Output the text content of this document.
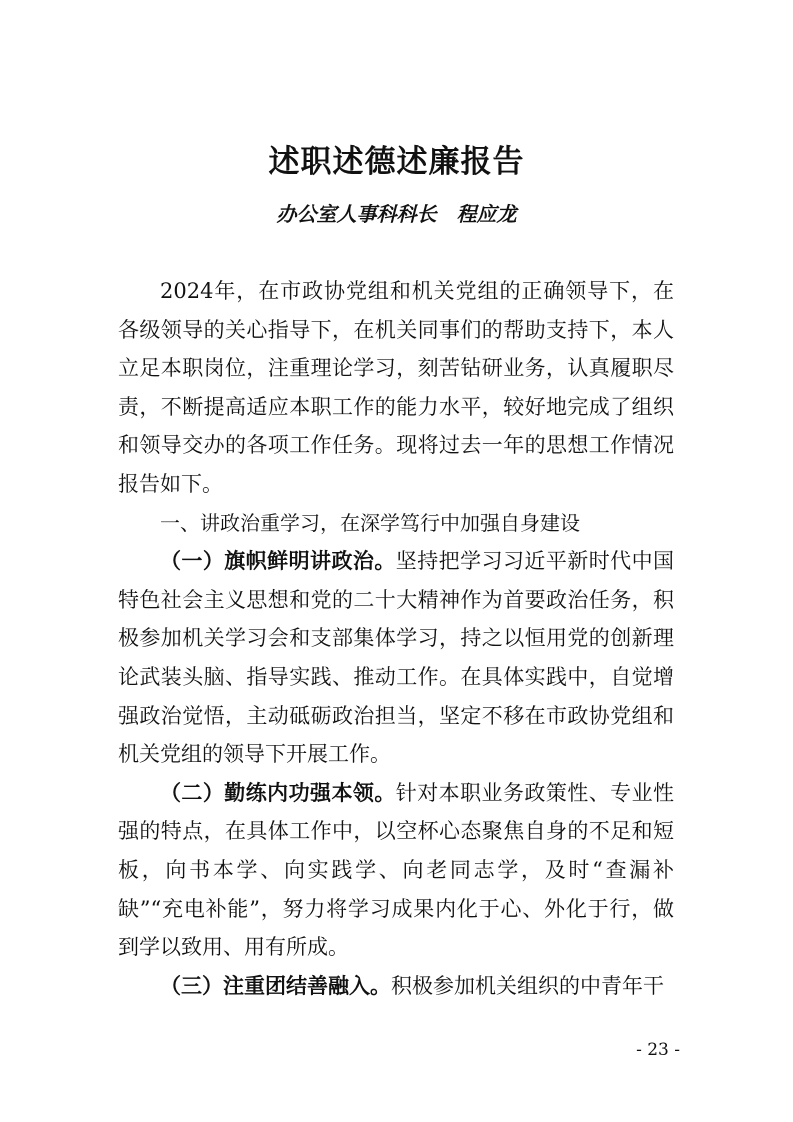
述职述德述廉报告
办公室人事科科长 程应龙

2024年，在市政协党组和机关党组的正确领导下，在各级领导的关心指导下，在机关同事们的帮助支持下，本人立足本职岗位，注重理论学习，刻苦钻研业务，认真履职尽责，不断提高适应本职工作的能力水平，较好地完成了组织和领导交办的各项工作任务。现将过去一年的思想工作情况报告如下。

一、讲政治重学习，在深学笃行中加强自身建设

（一）旗帜鲜明讲政治。坚持把学习习近平新时代中国特色社会主义思想和党的二十大精神作为首要政治任务，积极参加机关学习会和支部集体学习，持之以恒用党的创新理论武装头脑、指导实践、推动工作。在具体实践中，自觉增强政治觉悟，主动砥砺政治担当，坚定不移在市政协党组和机关党组的领导下开展工作。

（二）勤练内功强本领。针对本职业务政策性、专业性强的特点，在具体工作中，以空杯心态聚焦自身的不足和短板，向书本学、向实践学、向老同志学，及时“查漏补缺”“充电补能”，努力将学习成果内化于心、外化于行，做到学以致用、用有所成。

（三）注重团结善融入。积极参加机关组织的中青年干

- 23 -
